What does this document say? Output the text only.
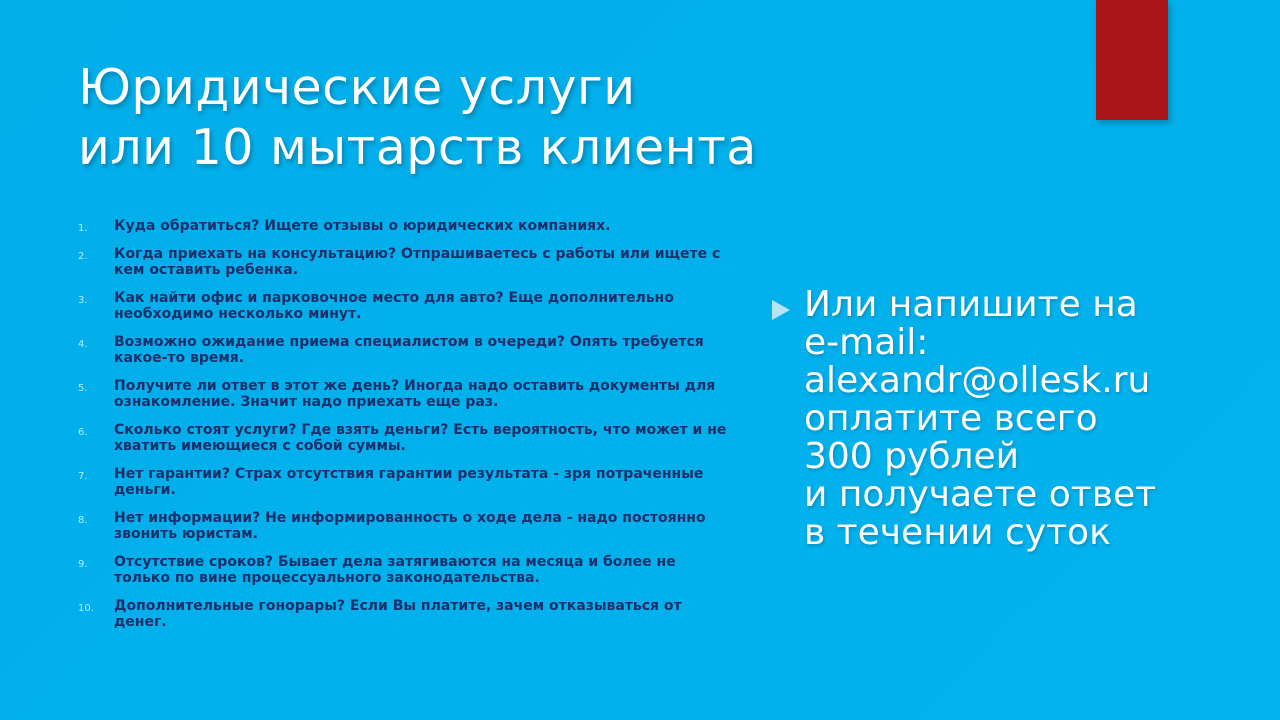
Юридические услуги
или 10 мытарств клиента
1. Куда обратиться? Ищете отзывы о юридических компаниях.
2. Когда приехать на консультацию? Отпрашиваетесь с работы или ищете с кем оставить ребенка.
3. Как найти офис и парковочное место для авто? Еще дополнительно необходимо несколько минут.
4. Возможно ожидание приема специалистом в очереди? Опять требуется какое-то время.
5. Получите ли ответ в этот же день? Иногда надо оставить документы для ознакомление. Значит надо приехать еще раз.
6. Сколько стоят услуги? Где взять деньги? Есть вероятность, что может и не хватить имеющиеся с собой суммы.
7. Нет гарантии? Страх отсутствия гарантии результата - зря потраченные деньги.
8. Нет информации? Не информированность о ходе дела - надо постоянно звонить юристам.
9. Отсутствие сроков? Бывает дела затягиваются на месяца и более не только по вине процессуального законодательства.
10. Дополнительные гонорары? Если Вы платите, зачем отказываться от денег.
Или напишите на
e-mail:
alexandr@ollesk.ru
оплатите всего
300 рублей
и получаете ответ
в течении суток
